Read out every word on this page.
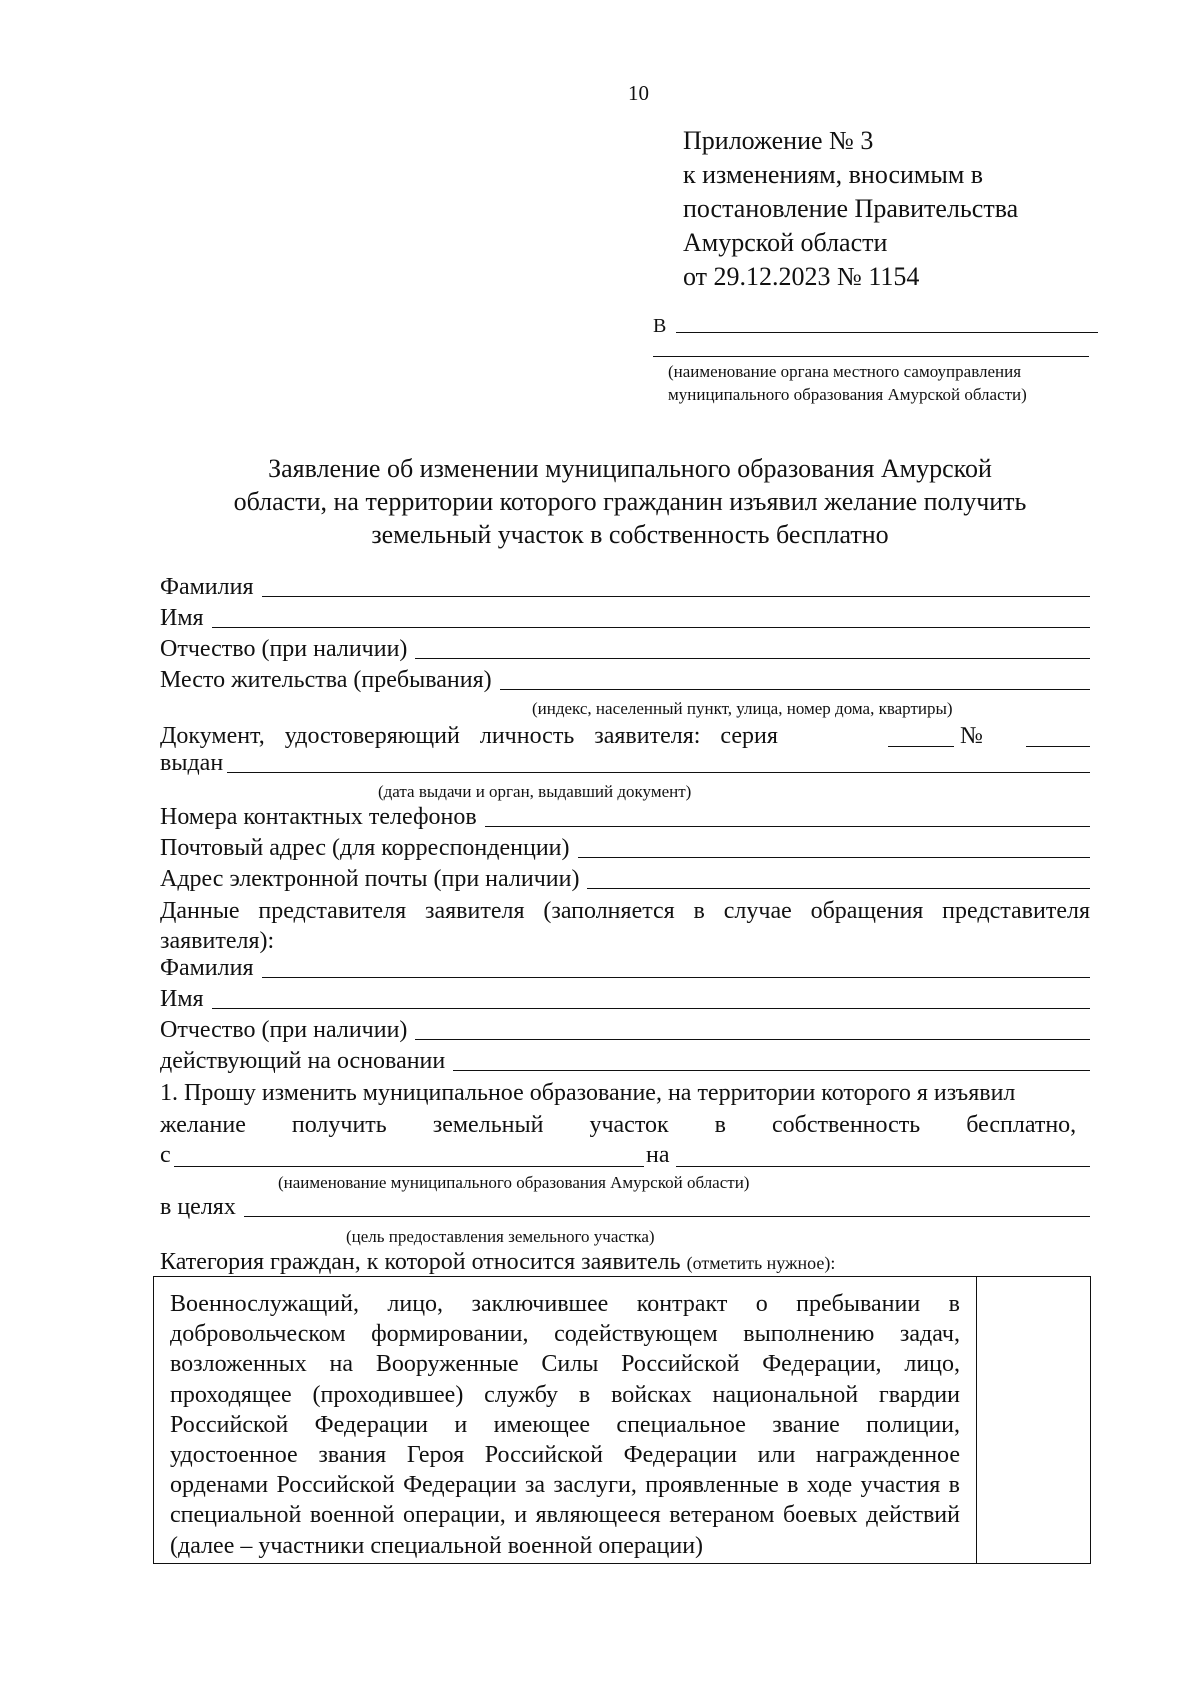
10
Приложение № 3
к изменениям, вносимым в
постановление Правительства
Амурской области
от 29.12.2023 № 1154
В
(наименование органа местного самоуправления
муниципального образования Амурской области)
Заявление об изменении муниципального образования Амурской
области, на территории которого гражданин изъявил желание получить
земельный участок в собственность бесплатно
Фамилия
Имя
Отчество (при наличии)
Место жительства (пребывания)
(индекс, населенный пункт, улица, номер дома, квартиры)
Документ, удостоверяющий личность заявителя: серия	№
выдан
(дата выдачи и орган, выдавший документ)
Номера контактных телефонов
Почтовый адрес (для корреспонденции)
Адрес электронной почты (при наличии)
Данные представителя заявителя (заполняется в случае обращения представителя
заявителя):
Фамилия
Имя
Отчество (при наличии)
действующий на основании
1. Прошу изменить муниципальное образование, на территории которого я изъявил
желание получить земельный участок в собственность бесплатно,
с	на
(наименование муниципального образования Амурской области)
в целях
(цель предоставления земельного участка)
Категория граждан, к которой относится заявитель (отметить нужное):
Военнослужащий, лицо, заключившее контракт о пребывании в добровольческом формировании, содействующем выполнению задач, возложенных на Вооруженные Силы Российской Федерации, лицо, проходящее (проходившее) службу в войсках национальной гвардии Российской Федерации и имеющее специальное звание полиции, удостоенное звания Героя Российской Федерации или награжденное орденами Российской Федерации за заслуги, проявленные в ходе участия в специальной военной операции, и являющееся ветераном боевых действий (далее – участники специальной военной операции)
